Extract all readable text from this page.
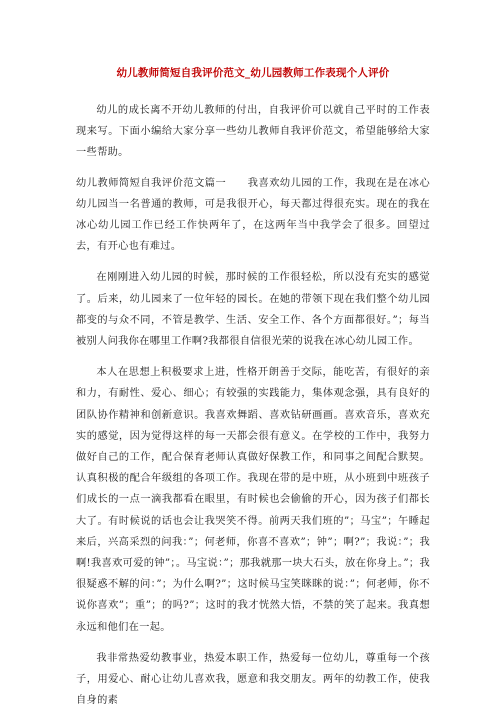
幼儿教师简短自我评价范文_幼儿园教师工作表现个人评价

幼儿的成长离不开幼儿教师的付出，自我评价可以就自己平时的工作表现来写。下面小编给大家分享一些幼儿教师自我评价范文，希望能够给大家一些帮助。

幼儿教师简短自我评价范文篇一　　我喜欢幼儿园的工作，我现在是在冰心幼儿园当一名普通的教师，可是我很开心，每天都过得很充实。现在的我在冰心幼儿园工作已经工作快两年了，在这两年当中我学会了很多。回望过去，有开心也有难过。

在刚刚进入幼儿园的时候，那时候的工作很轻松，所以没有充实的感觉了。后来，幼儿园来了一位年轻的园长。在她的带领下现在我们整个幼儿园都变的与众不同，不管是教学、生活、安全工作、各个方面都很好。”；每当被别人问我你在哪里工作啊?我都很自信很光荣的说我在冰心幼儿园工作。

本人在思想上积极要求上进，性格开朗善于交际，能吃苦，有很好的亲和力，有耐性、爱心、细心；有较强的实践能力，集体观念强，具有良好的团队协作精神和创新意识。我喜欢舞蹈、喜欢钻研画画。喜欢音乐，喜欢充实的感觉，因为觉得这样的每一天都会很有意义。在学校的工作中，我努力做好自己的工作，配合保育老师认真做好保教工作，和同事之间配合默契。认真积极的配合年级组的各项工作。我现在带的是中班，从小班到中班孩子们成长的一点一滴我都看在眼里，有时候也会偷偷的开心，因为孩子们都长大了。有时候说的话也会让我哭笑不得。前两天我们班的”；马宝”；午睡起来后，兴高采烈的问我：”；何老师，你喜不喜欢”；钟”；啊?”；我说：”；我啊!我喜欢可爱的钟”；。马宝说：”；那我就那一块大石头，放在你身上。”；我很疑惑不解的问：”；为什么啊?”；这时候马宝笑眯眯的说：”；何老师，你不说你喜欢”；重”；的吗?”；这时的我才恍然大悟，不禁的笑了起来。我真想永远和他们在一起。

我非常热爱幼教事业，热爱本职工作，热爱每一位幼儿，尊重每一个孩子，用爱心、耐心让幼儿喜欢我，愿意和我交朋友。两年的幼教工作，使我自身的素
